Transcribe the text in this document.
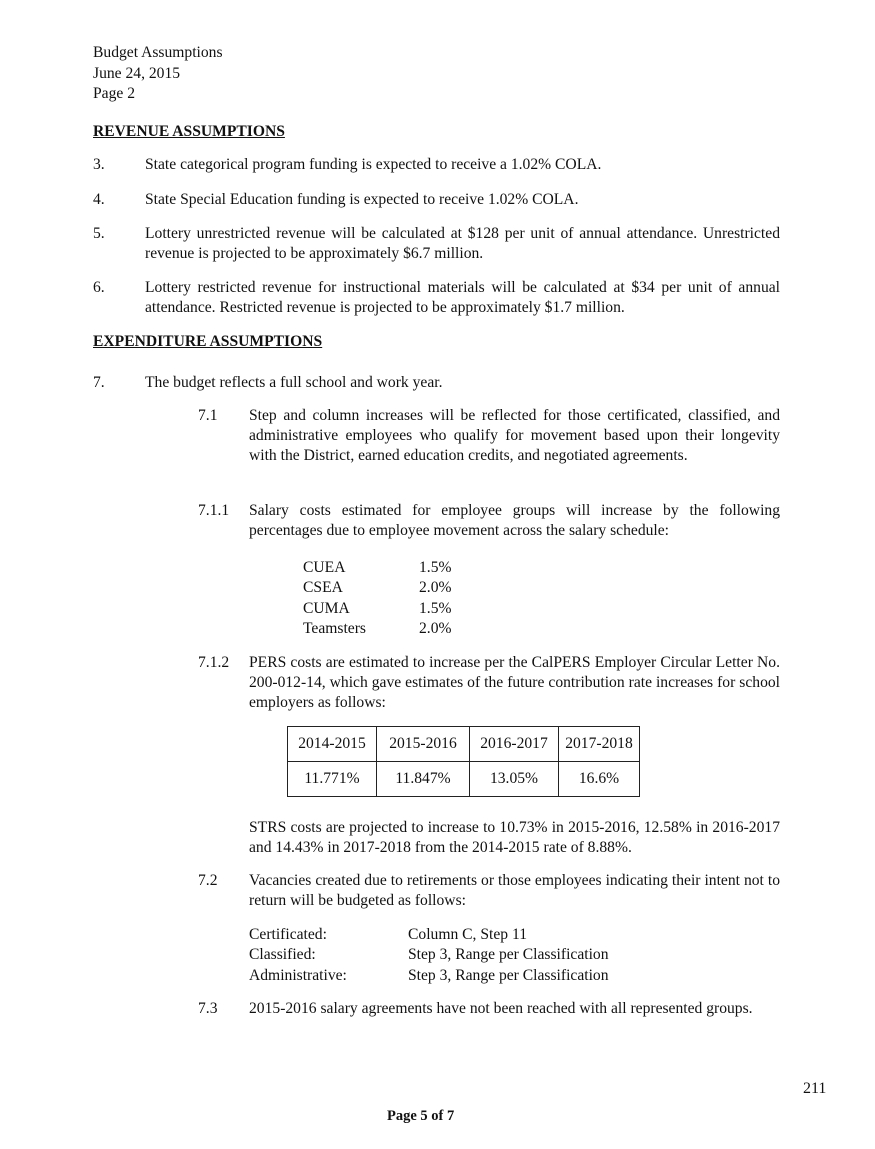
Budget Assumptions
June 24, 2015
Page 2
REVENUE ASSUMPTIONS
3.	State categorical program funding is expected to receive a 1.02% COLA.
4.	State Special Education funding is expected to receive 1.02% COLA.
5.	Lottery unrestricted revenue will be calculated at $128 per unit of annual attendance. Unrestricted revenue is projected to be approximately $6.7 million.
6.	Lottery restricted revenue for instructional materials will be calculated at $34 per unit of annual attendance. Restricted revenue is projected to be approximately $1.7 million.
EXPENDITURE ASSUMPTIONS
7.	The budget reflects a full school and work year.
7.1 Step and column increases will be reflected for those certificated, classified, and administrative employees who qualify for movement based upon their longevity with the District, earned education credits, and negotiated agreements.
7.1.1 Salary costs estimated for employee groups will increase by the following percentages due to employee movement across the salary schedule:
CUEA	1.5%
CSEA	2.0%
CUMA	1.5%
Teamsters	2.0%
7.1.2 PERS costs are estimated to increase per the CalPERS Employer Circular Letter No. 200-012-14, which gave estimates of the future contribution rate increases for school employers as follows:
2014-2015	2015-2016	2016-2017	2017-2018
11.771%	11.847%	13.05%	16.6%
STRS costs are projected to increase to 10.73% in 2015-2016, 12.58% in 2016-2017 and 14.43% in 2017-2018 from the 2014-2015 rate of 8.88%.
7.2 Vacancies created due to retirements or those employees indicating their intent not to return will be budgeted as follows:
Certificated:	Column C, Step 11
Classified:	Step 3, Range per Classification
Administrative:	Step 3, Range per Classification
7.3 2015-2016 salary agreements have not been reached with all represented groups.
211
Page 5 of 7
